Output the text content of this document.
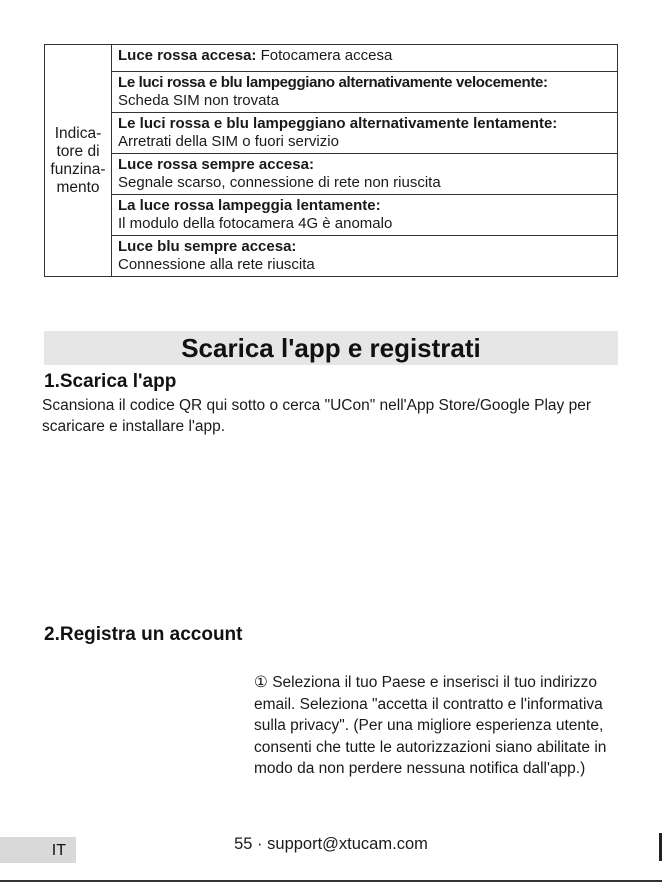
Indica-
tore di
funzina-
mento	Luce rossa accesa: Fotocamera accesa
Le luci rossa e blu lampeggiano alternativamente velocemente:
Scheda SIM non trovata
Le luci rossa e blu lampeggiano alternativamente lentamente: Arretrati della SIM o fuori servizio
Luce rossa sempre accesa:
Segnale scarso, connessione di rete non riuscita
La luce rossa lampeggia lentamente:
Il modulo della fotocamera 4G è anomalo
Luce blu sempre accesa:
Connessione alla rete riuscita
Scarica l'app e registrati
1.Scarica l'app
Scansiona il codice QR qui sotto o cerca "UCon" nell'App Store/Google Play per scaricare e installare l'app.
2.Registra un account
① Seleziona il tuo Paese e inserisci il tuo indirizzo email. Seleziona "accetta il contratto e l'informativa sulla privacy". (Per una migliore esperienza utente, consenti che tutte le autorizzazioni siano abilitate in modo da non perdere nessuna notifica dall'app.)
IT	55 · support@xtucam.com
